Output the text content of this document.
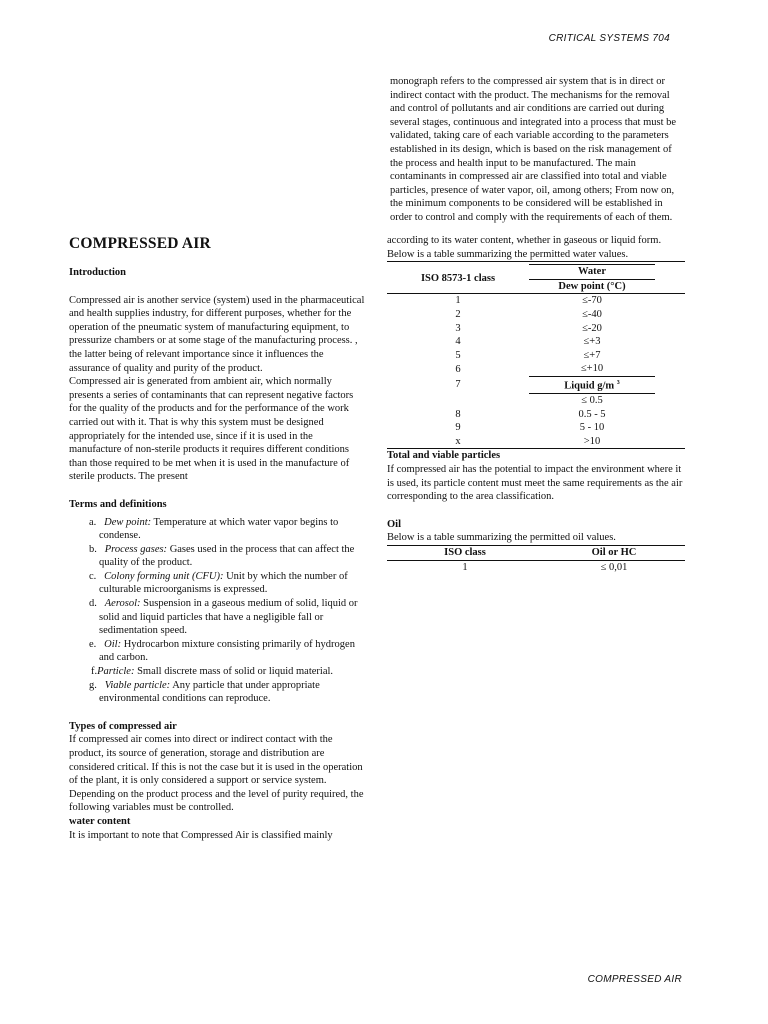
CRITICAL SYSTEMS 704

monograph refers to the compressed air system that is in direct or indirect contact with the product. The mechanisms for the removal and control of pollutants and air conditions are carried out during several stages, continuous and integrated into a process that must be validated, taking care of each variable according to the parameters established in its design, which is based on the risk management of the process and health input to be manufactured. The main contaminants in compressed air are classified into total and viable particles, presence of water vapor, oil, among others; From now on, the minimum components to be considered will be established in order to control and comply with the requirements of each of them.

COMPRESSED AIR

Introduction

Compressed air is another service (system) used in the pharmaceutical and health supplies industry, for different purposes, whether for the operation of the pneumatic system of manufacturing equipment, to pressurize chambers or at some stage of the manufacturing process. , the latter being of relevant importance since it influences the assurance of quality and purity of the product.

Compressed air is generated from ambient air, which normally presents a series of contaminants that can represent negative factors for the quality of the products and for the performance of the work carried out with it. That is why this system must be designed appropriately for the intended use, since if it is used in the manufacture of non-sterile products it requires different conditions than those required to be met when it is used in the manufacture of sterile products. The present

Terms and definitions

a. Dew point: Temperature at which water vapor begins to condense.
b. Process gases: Gases used in the process that can affect the quality of the product.
c. Colony forming unit (CFU): Unit by which the number of culturable microorganisms is expressed.
d. Aerosol: Suspension in a gaseous medium of solid, liquid or solid and liquid particles that have a negligible fall or sedimentation speed.
e. Oil: Hydrocarbon mixture consisting primarily of hydrogen and carbon.
f.Particle: Small discrete mass of solid or liquid material.
g. Viable particle: Any particle that under appropriate environmental conditions can reproduce.

Types of compressed air

If compressed air comes into direct or indirect contact with the product, its source of generation, storage and distribution are considered critical. If this is not the case but it is used in the operation of the plant, it is only considered a support or service system.

Depending on the product process and the level of purity required, the following variables must be controlled.

water content

It is important to note that Compressed Air is classified mainly

according to its water content, whether in gaseous or liquid form.

Below is a table summarizing the permitted water values.

ISO 8573-1 class	Water	
	Dew point (°C)	
1	≤-70	
2	≤-40	
3	≤-20	
4	≤+3	
5	≤+7	
6	≤+10	
7	Liquid g/m $^3$	
	≤ 0.5	
8	0.5 - 5	
9	5 - 10	
x	>10	

Total and viable particles

If compressed air has the potential to impact the environment where it is used, its particle content must meet the same requirements as the air corresponding to the area classification.

Oil

Below is a table summarizing the permitted oil values.

ISO class	Oil or HC
1	≤ 0,01
COMPRESSED AIR
